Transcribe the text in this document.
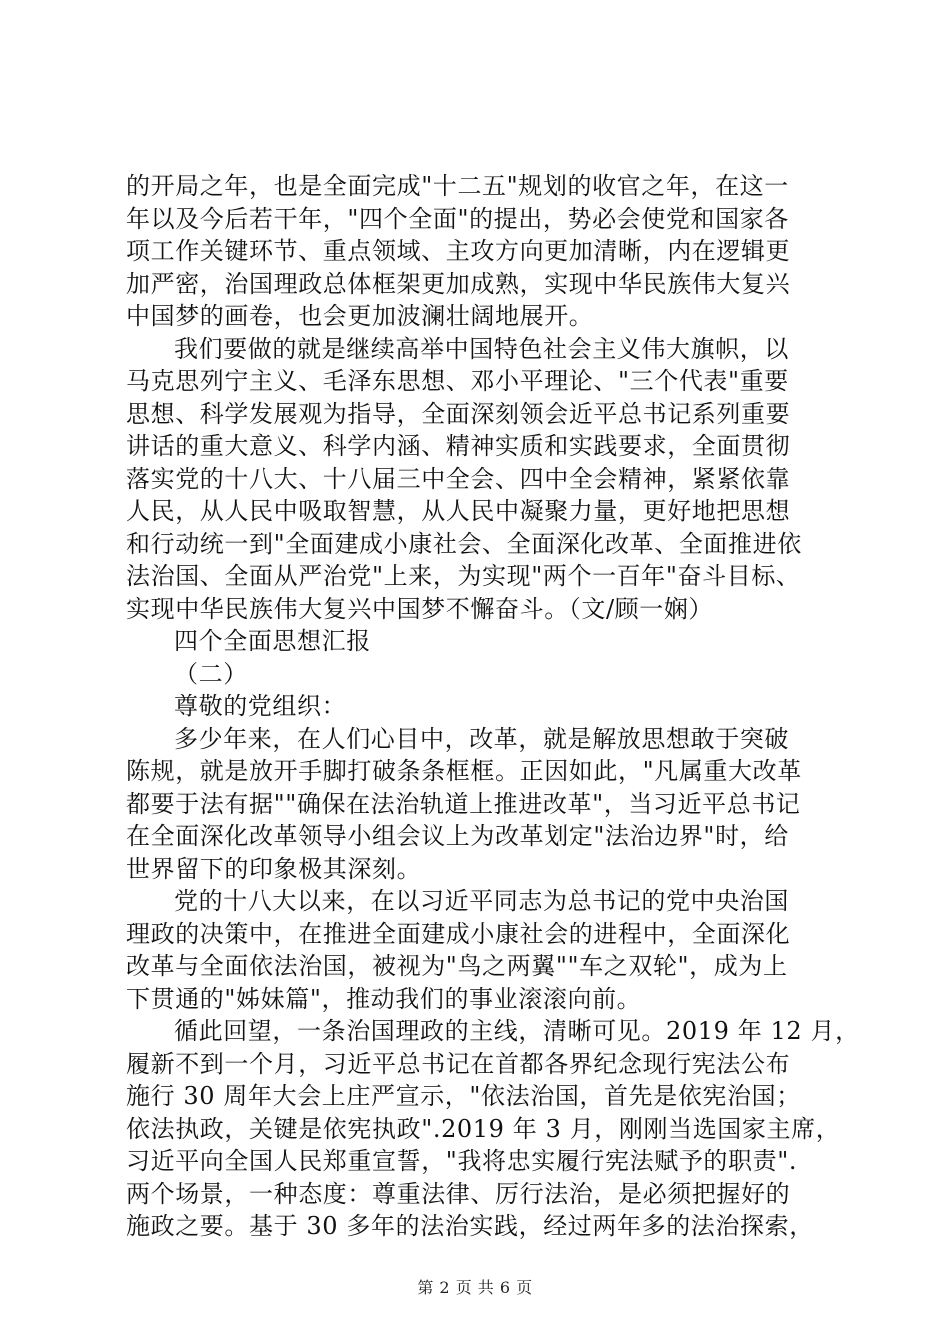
的开局之年，也是全面完成"十二五"规划的收官之年，在这一
年以及今后若干年，"四个全面"的提出，势必会使党和国家各
项工作关键环节、重点领域、主攻方向更加清晰，内在逻辑更
加严密，治国理政总体框架更加成熟，实现中华民族伟大复兴
中国梦的画卷，也会更加波澜壮阔地展开。
我们要做的就是继续高举中国特色社会主义伟大旗帜，以
马克思列宁主义、毛泽东思想、邓小平理论、"三个代表"重要
思想、科学发展观为指导，全面深刻领会近平总书记系列重要
讲话的重大意义、科学内涵、精神实质和实践要求，全面贯彻
落实党的十八大、十八届三中全会、四中全会精神，紧紧依靠
人民，从人民中吸取智慧，从人民中凝聚力量，更好地把思想
和行动统一到"全面建成小康社会、全面深化改革、全面推进依
法治国、全面从严治党"上来，为实现"两个一百年"奋斗目标、
实现中华民族伟大复兴中国梦不懈奋斗。（文/顾一娴）
四个全面思想汇报
（二）
尊敬的党组织：
多少年来，在人们心目中，改革，就是解放思想敢于突破
陈规，就是放开手脚打破条条框框。正因如此，"凡属重大改革
都要于法有据""确保在法治轨道上推进改革"，当习近平总书记
在全面深化改革领导小组会议上为改革划定"法治边界"时，给
世界留下的印象极其深刻。
党的十八大以来，在以习近平同志为总书记的党中央治国
理政的决策中，在推进全面建成小康社会的进程中，全面深化
改革与全面依法治国，被视为"鸟之两翼""车之双轮"，成为上
下贯通的"姊妹篇"，推动我们的事业滚滚向前。
循此回望，一条治国理政的主线，清晰可见。2019 年 12 月，
履新不到一个月，习近平总书记在首都各界纪念现行宪法公布
施行 30 周年大会上庄严宣示，"依法治国，首先是依宪治国；
依法执政，关键是依宪执政".2019 年 3 月，刚刚当选国家主席，
习近平向全国人民郑重宣誓，"我将忠实履行宪法赋予的职责".
两个场景，一种态度：尊重法律、厉行法治，是必须把握好的
施政之要。基于 30 多年的法治实践，经过两年多的法治探索，
第 2 页 共 6 页
